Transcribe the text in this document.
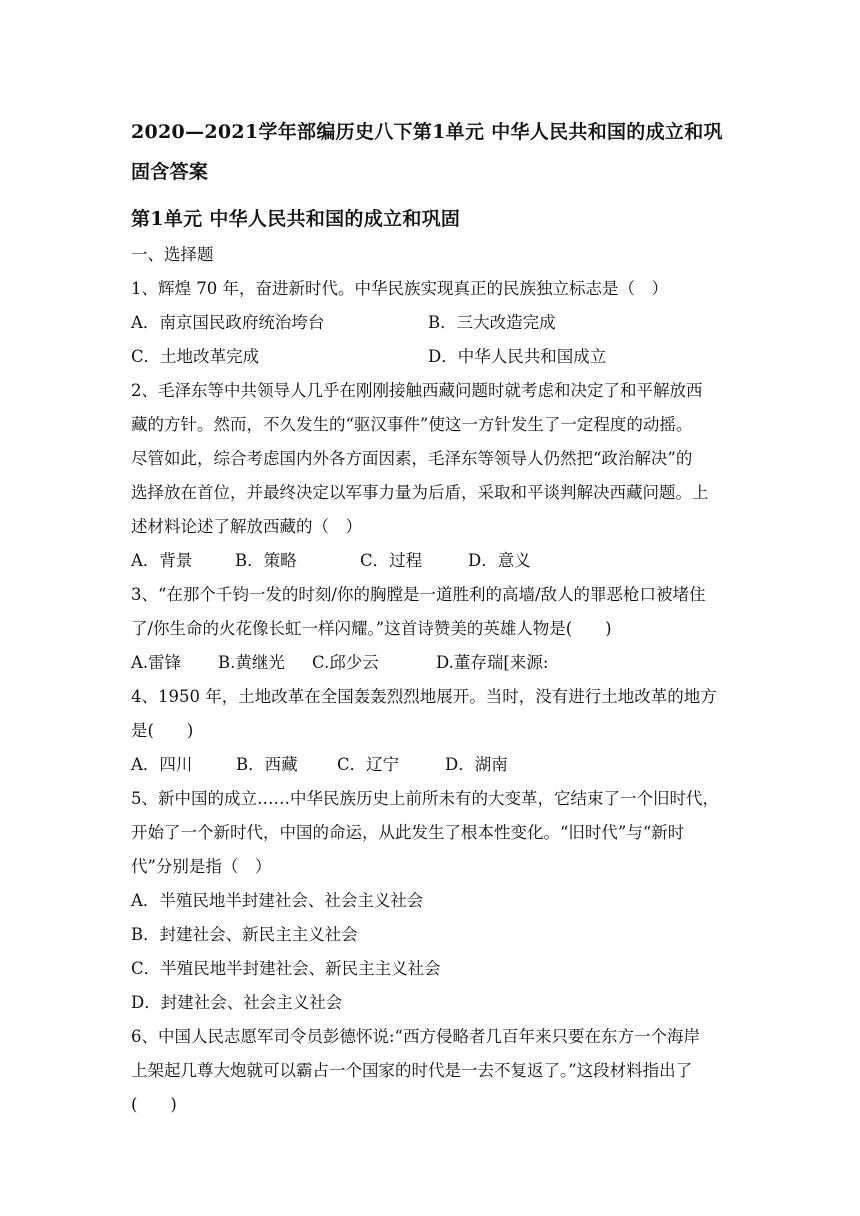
2020—2021学年部编历史八下第1单元 中华人民共和国的成立和巩
固含答案
第1单元 中华人民共和国的成立和巩固
一、选择题
1、辉煌 70 年，奋进新时代。中华民族实现真正的民族独立标志是（　）
A．南京国民政府统治垮台	B．三大改造完成
C．土地改革完成	D．中华人民共和国成立
2、毛泽东等中共领导人几乎在刚刚接触西藏问题时就考虑和决定了和平解放西
藏的方针。然而，不久发生的“驱汉事件”使这一方针发生了一定程度的动摇。
尽管如此，综合考虑国内外各方面因素，毛泽东等领导人仍然把“政治解决”的
选择放在首位，并最终决定以军事力量为后盾，采取和平谈判解决西藏问题。上
述材料论述了解放西藏的（　）
A．背景	B．策略	C．过程	D．意义
3、“在那个千钧一发的时刻/你的胸膛是一道胜利的高墙/敌人的罪恶枪口被堵住
了/你生命的火花像长虹一样闪耀。”这首诗赞美的英雄人物是(　　)
A.雷锋 B.黄继光 C.邱少云	D.董存瑞[来源:
4、1950 年，土地改革在全国轰轰烈烈地展开。当时，没有进行土地改革的地方
是(　　)
A．四川	B．西藏 C．辽宁	D．湖南
5、新中国的成立……中华民族历史上前所未有的大变革，它结束了一个旧时代，
开始了一个新时代，中国的命运，从此发生了根本性变化。“旧时代”与“新时
代”分别是指（　）
A．半殖民地半封建社会、社会主义社会
B．封建社会、新民主主义社会
C．半殖民地半封建社会、新民主主义社会
D．封建社会、社会主义社会
6、中国人民志愿军司令员彭德怀说:“西方侵略者几百年来只要在东方一个海岸
上架起几尊大炮就可以霸占一个国家的时代是一去不复返了。”这段材料指出了
(　　)
